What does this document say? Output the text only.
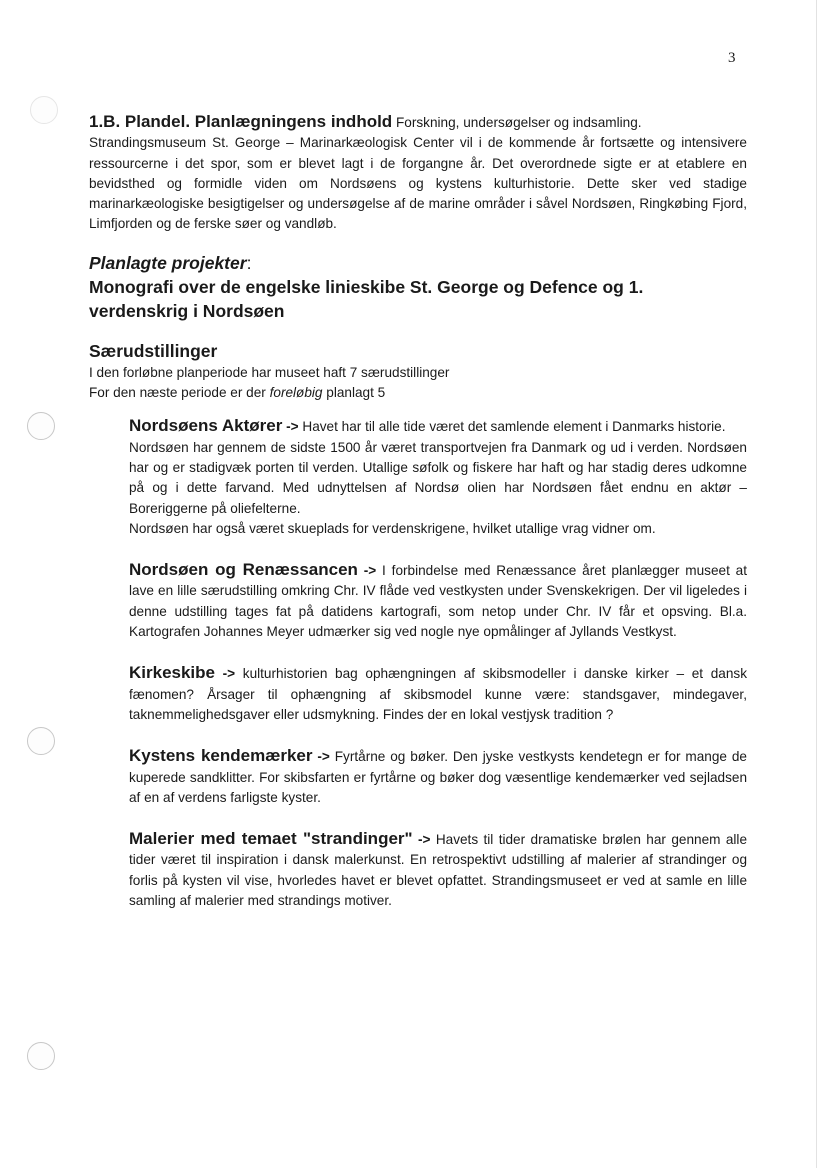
3

1.B. Plandel. Planlægningens indhold Forskning, undersøgelser og indsamling.
Strandingsmuseum St. George – Marinarkæologisk Center vil i de kommende år fortsætte og intensivere ressourcerne i det spor, som er blevet lagt i de forgangne år. Det overordnede sigte er at etablere en bevidsthed og formidle viden om Nordsøens og kystens kulturhistorie. Dette sker ved stadige marinarkæologiske besigtigelser og undersøgelse af de marine områder i såvel Nordsøen, Ringkøbing Fjord, Limfjorden og de ferske søer og vandløb.

Planlagte projekter:

Monografi over de engelske linieskibe St. George og Defence og 1. verdenskrig i Nordsøen

Særudstillinger

I den forløbne planperiode har museet haft 7 særudstillinger
For den næste periode er der foreløbig planlagt 5

Nordsøens Aktører -> Havet har til alle tide været det samlende element i Danmarks historie.

Nordsøen har gennem de sidste 1500 år været transportvejen fra Danmark og ud i verden. Nordsøen har og er stadigvæk porten til verden. Utallige søfolk og fiskere har haft og har stadig deres udkomne på og i dette farvand. Med udnyttelsen af Nordsø olien har Nordsøen fået endnu en aktør – Boreriggerne på oliefelterne.

Nordsøen har også været skueplads for verdenskrigene, hvilket utallige vrag vidner om.

Nordsøen og Renæssancen -> I forbindelse med Renæssance året planlægger museet at lave en lille særudstilling omkring Chr. IV flåde ved vestkysten under Svenskekrigen. Der vil ligeledes i denne udstilling tages fat på datidens kartografi, som netop under Chr. IV får et opsving. Bl.a. Kartografen Johannes Meyer udmærker sig ved nogle nye opmålinger af Jyllands Vestkyst.

Kirkeskibe -> kulturhistorien bag ophængningen af skibsmodeller i danske kirker – et dansk fænomen? Årsager til ophængning af skibsmodel kunne være: standsgaver, mindegaver, taknemmelighedsgaver eller udsmykning. Findes der en lokal vestjysk tradition ?

Kystens kendemærker -> Fyrtårne og bøker. Den jyske vestkysts kendetegn er for mange de kuperede sandklitter. For skibsfarten er fyrtårne og bøker dog væsentlige kendemærker ved sejladsen af en af verdens farligste kyster.

Malerier med temaet "strandinger" -> Havets til tider dramatiske brølen har gennem alle tider været til inspiration i dansk malerkunst. En retrospektivt udstilling af malerier af strandinger og forlis på kysten vil vise, hvorledes havet er blevet opfattet. Strandingsmuseet er ved at samle en lille samling af malerier med strandings motiver.
